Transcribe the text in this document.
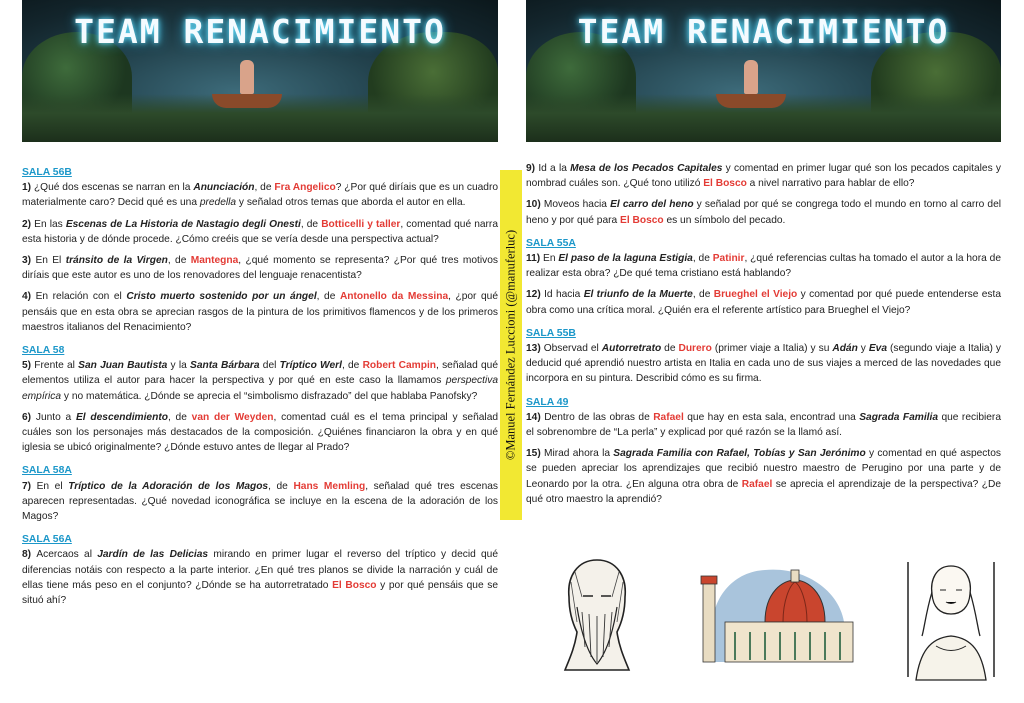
TEAM RENACIMIENTO
SALA 56B

1) ¿Qué dos escenas se narran en la Anunciación, de Fra Angelico? ¿Por qué diríais que es un cuadro materialmente caro? Decid qué es una predella y señalad otros temas que aborda el autor en ella.

2) En las Escenas de La Historia de Nastagio degli Onesti, de Botticelli y taller, comentad qué narra esta historia y de dónde procede. ¿Cómo creéis que se vería desde una perspectiva actual?

3) En El tránsito de la Virgen, de Mantegna, ¿qué momento se representa? ¿Por qué tres motivos diríais que este autor es uno de los renovadores del lenguaje renacentista?

4) En relación con el Cristo muerto sostenido por un ángel, de Antonello da Messina, ¿por qué pensáis que en esta obra se aprecian rasgos de la pintura de los primitivos flamencos y de los primeros maestros italianos del Renacimiento?

SALA 58

5) Frente al San Juan Bautista y la Santa Bárbara del Tríptico Werl, de Robert Campin, señalad qué elementos utiliza el autor para hacer la perspectiva y por qué en este caso la llamamos perspectiva empírica y no matemática. ¿Dónde se aprecia el “simbolismo disfrazado” del que hablaba Panofsky?

6) Junto a El descendimiento, de van der Weyden, comentad cuál es el tema principal y señalad cuáles son los personajes más destacados de la composición. ¿Quiénes financiaron la obra y en qué iglesia se ubicó originalmente? ¿Dónde estuvo antes de llegar al Prado?

SALA 58A

7) En el Tríptico de la Adoración de los Magos, de Hans Memling, señalad qué tres escenas aparecen representadas. ¿Qué novedad iconográfica se incluye en la escena de la adoración de los Magos?

SALA 56A

8) Acercaos al Jardín de las Delicias mirando en primer lugar el reverso del tríptico y decid qué diferencias notáis con respecto a la parte interior. ¿En qué tres planos se divide la narración y cuál de ellas tiene más peso en el conjunto? ¿Dónde se ha autorretratado El Bosco y por qué pensáis que se situó ahí?

©Manuel Fernández Luccioni (@manuferluc)
TEAM RENACIMIENTO

9) Id a la Mesa de los Pecados Capitales y comentad en primer lugar qué son los pecados capitales y nombrad cuáles son. ¿Qué tono utilizó El Bosco a nivel narrativo para hablar de ello?

10) Moveos hacia El carro del heno y señalad por qué se congrega todo el mundo en torno al carro del heno y por qué para El Bosco es un símbolo del pecado.

SALA 55A

11) En El paso de la laguna Estigia, de Patinir, ¿qué referencias cultas ha tomado el autor a la hora de realizar esta obra? ¿De qué tema cristiano está hablando?

12) Id hacia El triunfo de la Muerte, de Brueghel el Viejo y comentad por qué puede entenderse esta obra como una crítica moral. ¿Quién era el referente artístico para Brueghel el Viejo?

SALA 55B

13) Observad el Autorretrato de Durero (primer viaje a Italia) y su Adán y Eva (segundo viaje a Italia) y deducid qué aprendió nuestro artista en Italia en cada uno de sus viajes a merced de las novedades que incorpora en su pintura. Describid cómo es su firma.

SALA 49

14) Dentro de las obras de Rafael que hay en esta sala, encontrad una Sagrada Familia que recibiera el sobrenombre de “La perla” y explicad por qué razón se la llamó así.

15) Mirad ahora la Sagrada Familia con Rafael, Tobías y San Jerónimo y comentad en qué aspectos se pueden apreciar los aprendizajes que recibió nuestro maestro de Perugino por una parte y de Leonardo por la otra. ¿En alguna otra obra de Rafael se aprecia el aprendizaje de la perspectiva? ¿De qué otro maestro la aprendió?
